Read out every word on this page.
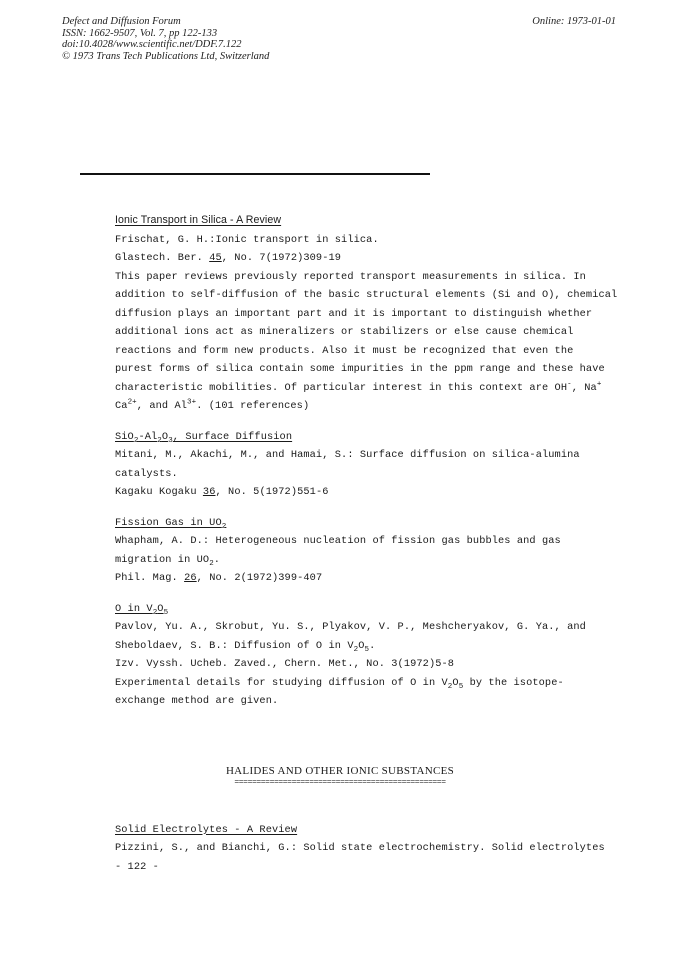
Defect and Diffusion Forum
ISSN: 1662-9507, Vol. 7, pp 122-133
doi:10.4028/www.scientific.net/DDF.7.122
© 1973 Trans Tech Publications Ltd, Switzerland
Online: 1973-01-01
Ionic Transport in Silica - A Review
Frischat, G. H.:Ionic transport in silica.
Glastech. Ber. 45, No. 7(1972)309-19
This paper reviews previously reported transport measurements in silica. In
addition to self-diffusion of the basic structural elements (Si and O), chemical
diffusion plays an important part and it is important to distinguish whether
additional ions act as mineralizers or stabilizers or else cause chemical
reactions and form new products. Also it must be recognized that even the
purest forms of silica contain some impurities in the ppm range and these have
characteristic mobilities. Of particular interest in this context are OH-, Na+
$Ca^{2+}$, and $Al^{3+}$. (101 references)
$SiO_2-Al_2O_3$, Surface Diffusion
Mitani, M., Akachi, M., and Hamai, S.: Surface diffusion on silica-alumina
catalysts.
Kagaku Kogaku 36, No. 5(1972)551-6
Fission Gas in $UO_2$
Whapham, A. D.: Heterogeneous nucleation of fission gas bubbles and gas
migration in $UO_2$.
Phil. Mag. 26, No. 2(1972)399-407
O in $V_2O_5$
Pavlov, Yu. A., Skrobut, Yu. S., Plyakov, V. P., Meshcheryakov, G. Ya., and
Sheboldaev, S. B.: Diffusion of O in $V_2O_5$.
Izv. Vyssh. Ucheb. Zaved., Chern. Met., No. 3(1972)5-8
Experimental details for studying diffusion of O in $V_2O_5$ by the isotope-
exchange method are given.
HALIDES AND OTHER IONIC SUBSTANCES
================================================
Solid Electrolytes - A Review
Pizzini, S., and Bianchi, G.: Solid state electrochemistry. Solid electrolytes
- 122 -
